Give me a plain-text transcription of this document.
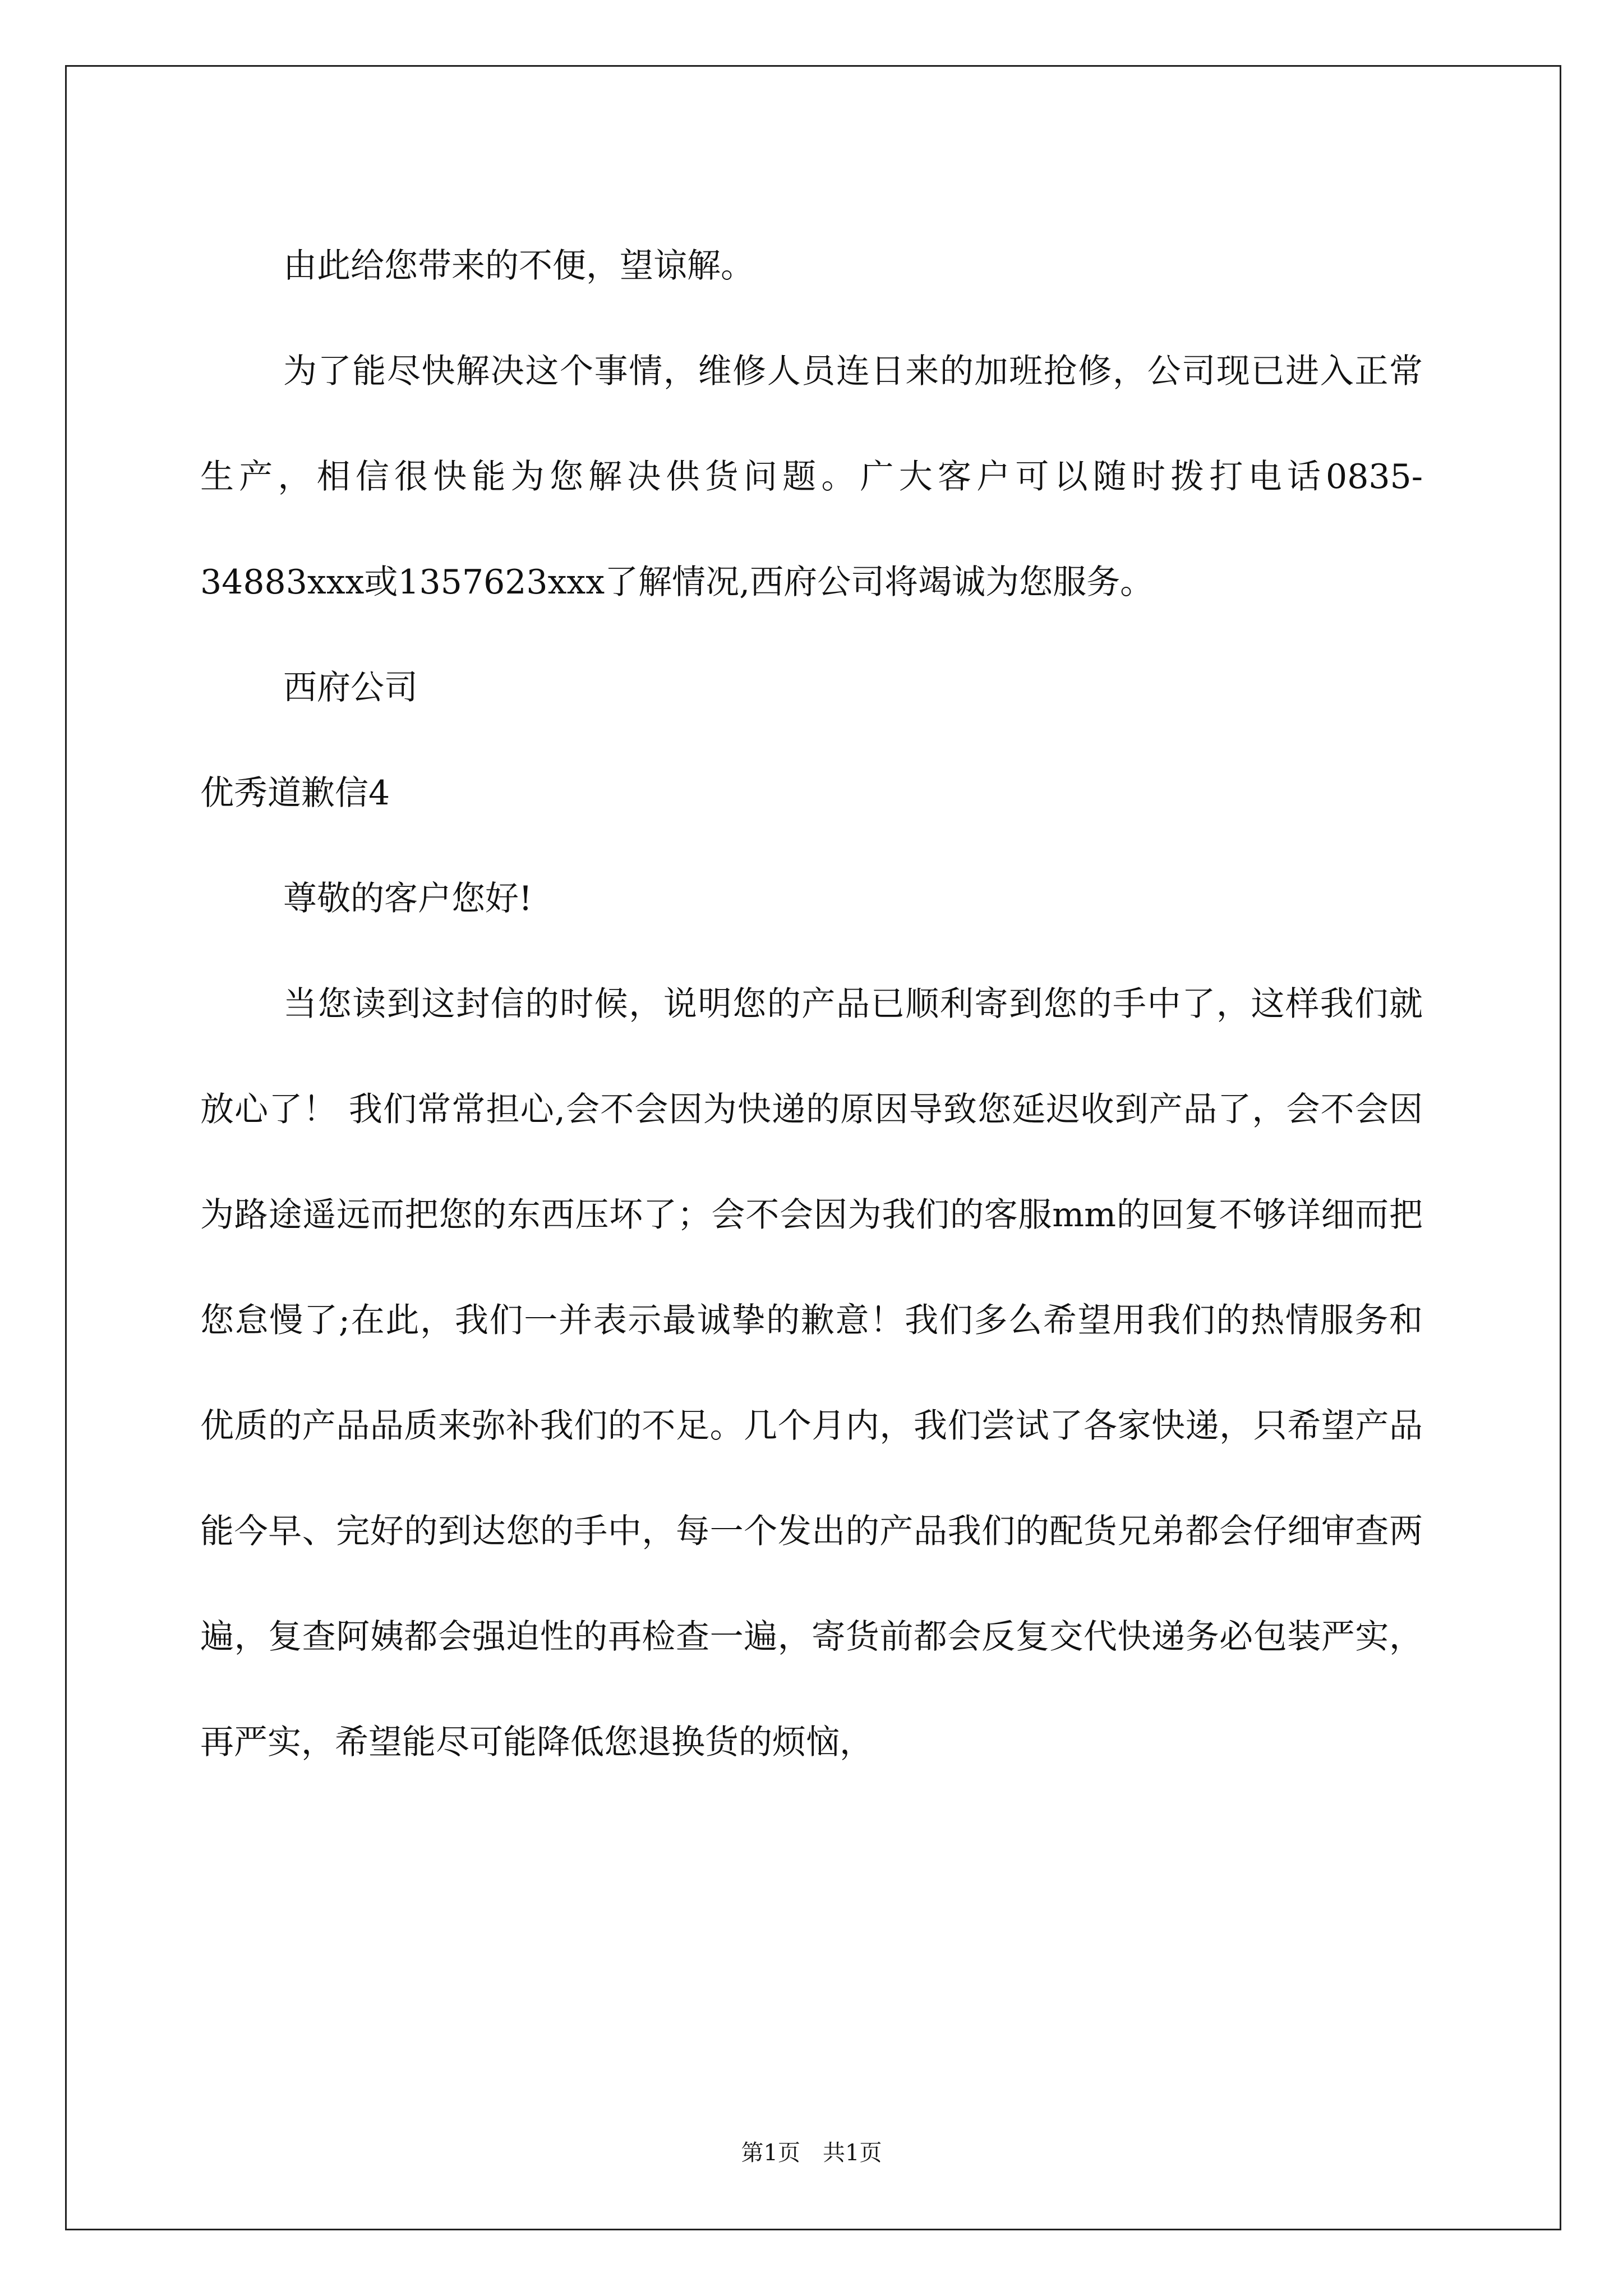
由此给您带来的不便，望谅解。

为了能尽快解决这个事情，维修人员连日来的加班抢修，公司现已进入正常生产，相信很快能为您解决供货问题。广大客户可以随时拨打电话0835-34883xxx或1357623xxx了解情况,西府公司将竭诚为您服务。

西府公司

优秀道歉信4

尊敬的客户您好!

当您读到这封信的时候，说明您的产品已顺利寄到您的手中了，这样我们就放心了！ 我们常常担心,会不会因为快递的原因导致您延迟收到产品了，会不会因为路途遥远而把您的东西压坏了；会不会因为我们的客服mm的回复不够详细而把您怠慢了;在此，我们一并表示最诚挚的歉意！我们多么希望用我们的热情服务和优质的产品品质来弥补我们的不足。几个月内，我们尝试了各家快递，只希望产品能今早、完好的到达您的手中，每一个发出的产品我们的配货兄弟都会仔细审查两遍，复查阿姨都会强迫性的再检查一遍，寄货前都会反复交代快递务必包装严实，再严实，希望能尽可能降低您退换货的烦恼，

第1页　共1页
